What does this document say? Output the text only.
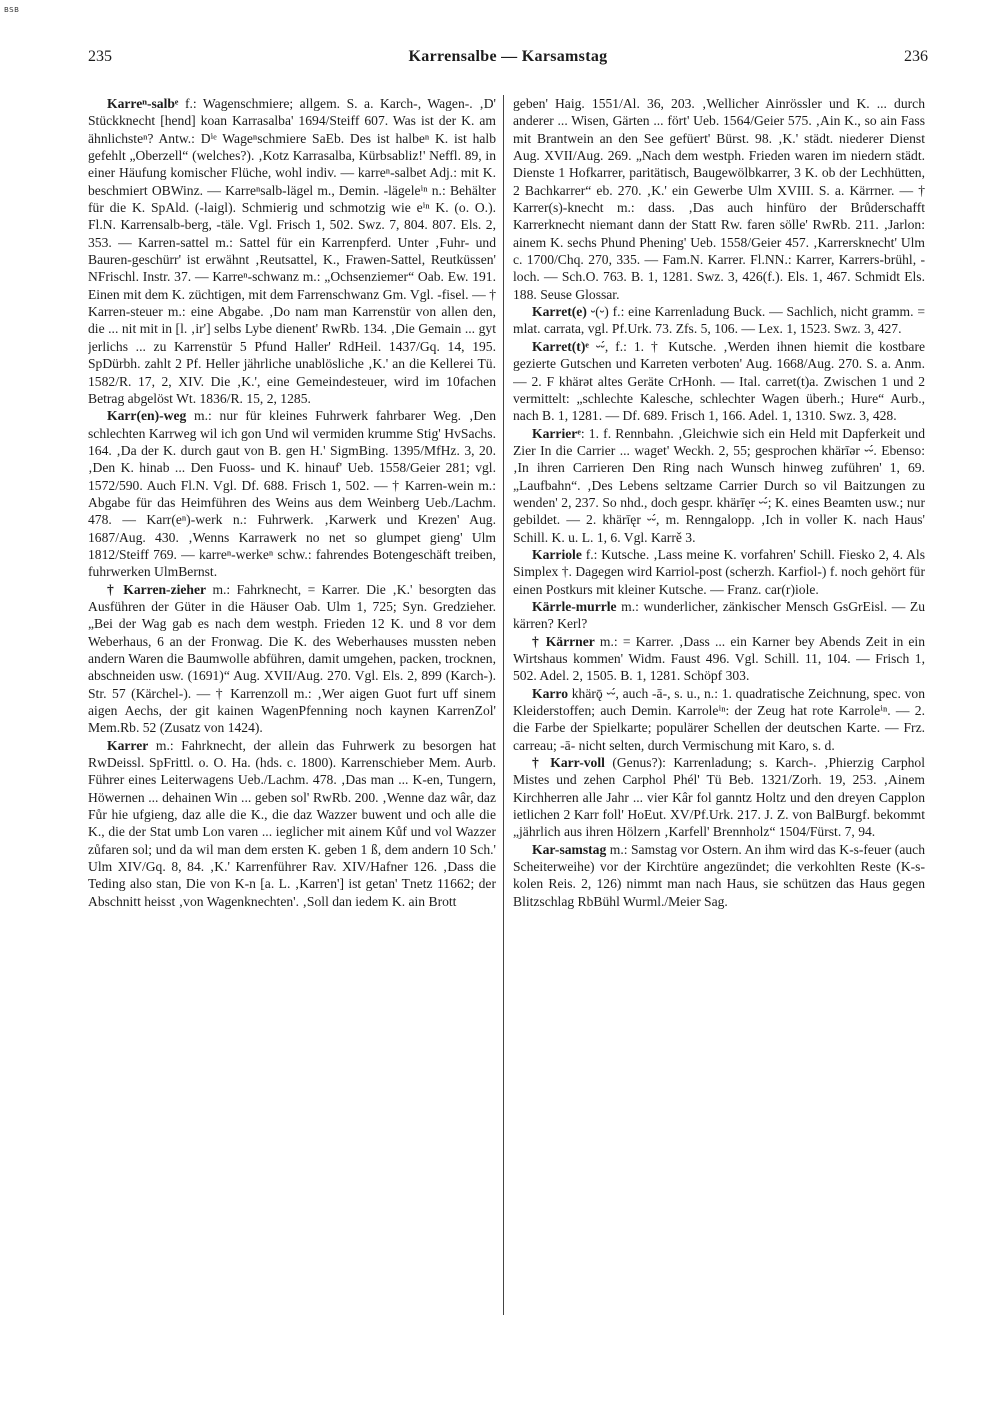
BSB
235	Karrensalbe — Karsamstag	236

Karreⁿ-salbᵉ f.: Wagenschmiere; allgem. S. a. Karch-, Wagen-. ‚D' Stückknecht [hend] koan Karrasalba' 1694/Steiff 607. Was ist der K. am ähnlichsteⁿ? Antw.: Dⁱᵉ Wageⁿschmiere SaEb. Des ist halbeⁿ K. ist halb gefehlt „Oberzell“ (welches?). ‚Kotz Karrasalba, Kürbsabliz!' Neffl. 89, in einer Häufung komischer Flüche, wohl indiv. — karreⁿ-salbet Adj.: mit K. beschmiert OBWinz. — Karreⁿsalb-lägel m., Demin. -lägeleⁱⁿ n.: Behälter für die K. SpAld. (-laigl). Schmierig und schmotzig wie eⁱⁿ K. (o. O.). Fl.N. Karrensalb-berg, -täle. Vgl. Frisch 1, 502. Swz. 7, 804. 807. Els. 2, 353. — Karren-sattel m.: Sattel für ein Karrenpferd. Unter ‚Fuhr- und Bauren-geschürr' ist erwähnt ‚Reutsattel, K., Frawen-Sattel, Reutküssen' NFrischl. Instr. 37. — Karreⁿ-schwanz m.: „Ochsenziemer“ Oab. Ew. 191. Einen mit dem K. züchtigen, mit dem Farrenschwanz Gm. Vgl. -fisel. — † Karren-steuer m.: eine Abgabe. ‚Do nam man Karrenstür von allen den, die ... nit mit in [l. ‚ir'] selbs Lybe dienent' RwRb. 134. ‚Die Gemain ... gyt jerlichs ... zu Karrenstür 5 Pfund Haller' RdHeil. 1437/Gq. 14, 195. SpDürbh. zahlt 2 Pf. Heller jährliche unablösliche ‚K.' an die Kellerei Tü. 1582/R. 17, 2, XIV. Die ‚K.', eine Gemeindesteuer, wird im 10fachen Betrag abgelöst Wt. 1836/R. 15, 2, 1285.

Karr(en)-weg m.: nur für kleines Fuhrwerk fahrbarer Weg. ‚Den schlechten Karrweg wil ich gon Und wil vermiden krumme Stig' HvSachs. 164. ‚Da der K. durch gaut von B. gen H.' SigmBing. 1395/MfHz. 3, 20. ‚Den K. hinab ... Den Fuoss- und K. hinauf' Ueb. 1558/Geier 281; vgl. 1572/590. Auch Fl.N. Vgl. Df. 688. Frisch 1, 502. — † Karren-wein m.: Abgabe für das Heimführen des Weins aus dem Weinberg Ueb./Lachm. 478. — Karr(eⁿ)-werk n.: Fuhrwerk. ‚Karwerk und Krezen' Aug. 1687/Aug. 430. ‚Wenns Karrawerk no net so glumpet gieng' Ulm 1812/Steiff 769. — karreⁿ-werkeⁿ schw.: fahrendes Botengeschäft treiben, fuhrwerken UlmBernst.

† Karren-zieher m.: Fahrknecht, = Karrer. Die ‚K.' besorgten das Ausführen der Güter in die Häuser Oab. Ulm 1, 725; Syn. Gredzieher. „Bei der Wag gab es nach dem westph. Frieden 12 K. und 8 vor dem Weberhaus, 6 an der Fronwag. Die K. des Weberhauses mussten neben andern Waren die Baumwolle abführen, damit umgehen, packen, trocknen, abschneiden usw. (1691)“ Aug. XVII/Aug. 270. Vgl. Els. 2, 899 (Karch-). Str. 57 (Kärchel-). — † Karrenzoll m.: ‚Wer aigen Guot furt uff sinem aigen Aechs, der git kainen WagenPfenning noch kaynen KarrenZol' Mem.Rb. 52 (Zusatz von 1424).

Karrer m.: Fahrknecht, der allein das Fuhrwerk zu besorgen hat RwDeissl. SpFrittl. o. O. Ha. (hds. c. 1800). Karrenschieber Mem. Aurb. Führer eines Leiterwagens Ueb./Lachm. 478. ‚Das man ... K-en, Tungern, Höwernen ... dehainen Win ... geben sol' RwRb. 200. ‚Wenne daz wâr, daz Fůr hie ufgieng, daz alle die K., die daz Wazzer buwent und och alle die K., die der Stat umb Lon varen ... ieglicher mit ainem Kůf und vol Wazzer zůfaren sol; und da wil man dem ersten K. geben 1 ß, dem andern 10 Sch.' Ulm XIV/Gq. 8, 84. ‚K.' Karrenführer Rav. XIV/Hafner 126. ‚Dass die Teding also stan, Die von K-n [a. L. ‚Karren'] ist getan' Tnetz 11662; der Abschnitt heisst ‚von Wagenknechten'. ‚Soll dan iedem K. ain Brott

geben' Haig. 1551/Al. 36, 203. ‚Wellicher Ainrössler und K. ... durch anderer ... Wisen, Gärten ... fört' Ueb. 1564/Geier 575. ‚Ain K., so ain Fass mit Brantwein an den See gefüert' Bürst. 98. ‚K.' städt. niederer Dienst Aug. XVII/Aug. 269. „Nach dem westph. Frieden waren im niedern städt. Dienste 1 Hofkarrer, paritätisch, Baugewölbkarrer, 3 K. ob der Lechhütten, 2 Bachkarrer“ eb. 270. ‚K.' ein Gewerbe Ulm XVIII. S. a. Kärrner. — † Karrer(s)-knecht m.: dass. ‚Das auch hinfüro der Brůderschafft Karrerknecht niemant dann der Statt Rw. faren sölle' RwRb. 211. ‚Jarlon: ainem K. sechs Phund Phening' Ueb. 1558/Geier 457. ‚Karrersknecht' Ulm c. 1700/Chq. 270, 335. — Fam.N. Karrer. Fl.NN.: Karrer, Karrers-brühl, -loch. — Sch.O. 763. B. 1, 1281. Swz. 3, 426(f.). Els. 1, 467. Schmidt Els. 188. Seuse Glossar.

Karret(e) ⏑(⏑) f.: eine Karrenladung Buck. — Sachlich, nicht gramm. = mlat. carrata, vgl. Pf.Urk. 73. Zfs. 5, 106. — Lex. 1, 1523. Swz. 3, 427.

Karret(t)ᵉ ⏑⏑́, f.: 1. † Kutsche. ‚Werden ihnen hiemit die kostbare gezierte Gutschen und Karreten verboten' Aug. 1668/Aug. 270. S. a. Anm. — 2. F khärǝt altes Geräte CrHonh. — Ital. carret(t)a. Zwischen 1 und 2 vermittelt: „schlechte Kalesche, schlechter Wagen überh.; Hure“ Aurb., nach B. 1, 1281. — Df. 689. Frisch 1, 166. Adel. 1, 1310. Swz. 3, 428.

Karrierᵉ: 1. f. Rennbahn. ‚Gleichwie sich ein Held mit Dapferkeit und Zier In die Carrier ... waget' Weckh. 2, 55; gesprochen khärīǝr ⏑⏑́. Ebenso: ‚In ihren Carrieren Den Ring nach Wunsch hinweg zuführen' 1, 69. „Laufbahn“. ‚Des Lebens seltzame Carrier Durch so vil Baitzungen zu wenden' 2, 237. So nhd., doch gespr. khärīęr ⏑⏑́; K. eines Beamten usw.; nur gebildet. — 2. khärīęr ⏑⏑́, m. Renngalopp. ‚Ich in voller K. nach Haus' Schill. K. u. L. 1, 6. Vgl. Karrě 3.

Karriole f.: Kutsche. ‚Lass meine K. vorfahren' Schill. Fiesko 2, 4. Als Simplex †. Dagegen wird Karriol-post (scherzh. Karfiol-) f. noch gehört für einen Postkurs mit kleiner Kutsche. — Franz. car(r)iole.

Kärrle-murrle m.: wunderlicher, zänkischer Mensch GsGrEisl. — Zu kärren? Kerl?

† Kärrner m.: = Karrer. ‚Dass ... ein Karner bey Abends Zeit in ein Wirtshaus kommen' Widm. Faust 496. Vgl. Schill. 11, 104. — Frisch 1, 502. Adel. 2, 1505. B. 1, 1281. Schöpf 303.

Karro khärǭ ⏑⏑́, auch -ā-, s. u., n.: 1. quadratische Zeichnung, spec. von Kleiderstoffen; auch Demin. Karroleⁱⁿ: der Zeug hat rote Karroleⁱⁿ. — 2. die Farbe der Spielkarte; populärer Schellen der deutschen Karte. — Frz. carreau; -ā- nicht selten, durch Vermischung mit Karo, s. d.

† Karr-voll (Genus?): Karrenladung; s. Karch-. ‚Phierzig Carphol Mistes und zehen Carphol Phél' Tü Beb. 1321/Zorh. 19, 253. ‚Ainem Kirchherren alle Jahr ... vier Kâr fol ganntz Holtz und den dreyen Capplon ietlichen 2 Karr foll' HoEut. XV/Pf.Urk. 217. J. Z. von BalBurgf. bekommt „jährlich aus ihren Hölzern ‚Karfell' Brennholz“ 1504/Fürst. 7, 94.

Kar-samstag m.: Samstag vor Ostern. An ihm wird das K-s-feuer (auch Scheiterweihe) vor der Kirchtüre angezündet; die verkohlten Reste (K-s-kolen Reis. 2, 126) nimmt man nach Haus, sie schützen das Haus gegen Blitzschlag RbBühl Wurml./Meier Sag.
